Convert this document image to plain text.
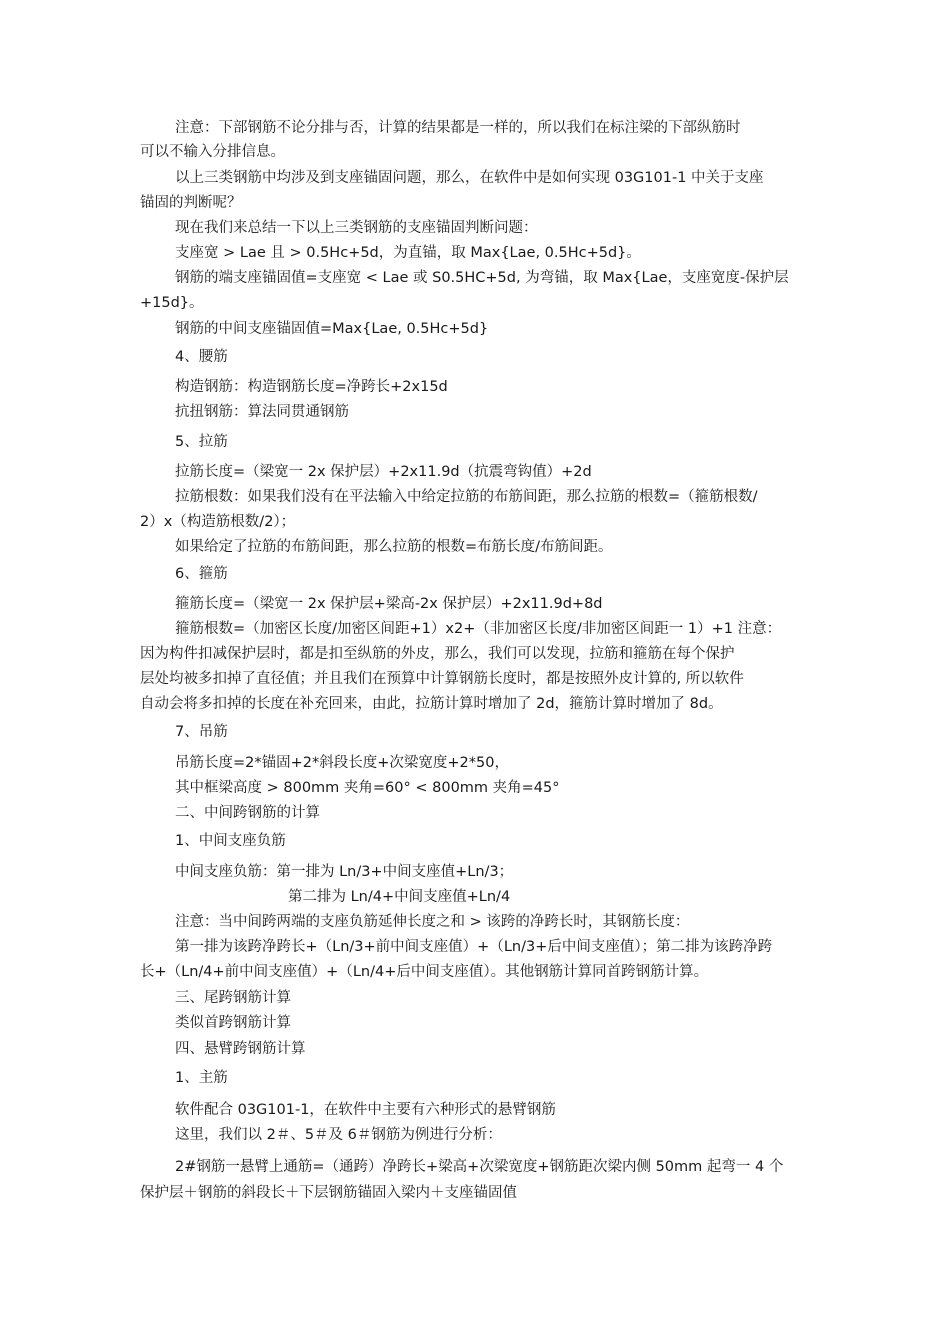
注意：下部钢筋不论分排与否，计算的结果都是一样的，所以我们在标注梁的下部纵筋时
可以不输入分排信息。
以上三类钢筋中均涉及到支座锚固问题，那么，在软件中是如何实现 03G101-1 中关于支座
锚固的判断呢？
现在我们来总结一下以上三类钢筋的支座锚固判断问题：
支座宽 > Lae 且 > 0.5Hc+5d，为直锚，取 Max{Lae, 0.5Hc+5d}。
钢筋的端支座锚固值=支座宽 < Lae 或 S0.5HC+5d, 为弯锚，取 Max{Lae，支座宽度-保护层
+15d}。
钢筋的中间支座锚固值=Max{Lae, 0.5Hc+5d}
4、腰筋
构造钢筋：构造钢筋长度=净跨长+2x15d
抗扭钢筋：算法同贯通钢筋
5、拉筋
拉筋长度=（梁宽一 2x 保护层）+2x11.9d（抗震弯钩值）+2d
拉筋根数：如果我们没有在平法输入中给定拉筋的布筋间距，那么拉筋的根数=（箍筋根数/
2）x（构造筋根数/2）；
如果给定了拉筋的布筋间距，那么拉筋的根数=布筋长度/布筋间距。
6、箍筋
箍筋长度=（梁宽一 2x 保护层+梁高-2x 保护层）+2x11.9d+8d
箍筋根数=（加密区长度/加密区间距+1）x2+（非加密区长度/非加密区间距一 1）+1 注意：
因为构件扣减保护层时，都是扣至纵筋的外皮，那么，我们可以发现，拉筋和箍筋在每个保护
层处均被多扣掉了直径值；并且我们在预算中计算钢筋长度时，都是按照外皮计算的, 所以软件
自动会将多扣掉的长度在补充回来，由此，拉筋计算时增加了 2d，箍筋计算时增加了 8d。
7、吊筋
吊筋长度=2*锚固+2*斜段长度+次梁宽度+2*50，
其中框梁高度 > 800mm 夹角=60° < 800mm 夹角=45°
二、中间跨钢筋的计算
1、中间支座负筋
中间支座负筋：第一排为 Ln/3+中间支座值+Ln/3；
第二排为 Ln/4+中间支座值+Ln/4
注意：当中间跨两端的支座负筋延伸长度之和 > 该跨的净跨长时，其钢筋长度：
第一排为该跨净跨长+（Ln/3+前中间支座值）+（Ln/3+后中间支座值）；第二排为该跨净跨
长+（Ln/4+前中间支座值）+（Ln/4+后中间支座值）。其他钢筋计算同首跨钢筋计算。
三、尾跨钢筋计算
类似首跨钢筋计算
四、悬臂跨钢筋计算
1、主筋
软件配合 03G101-1，在软件中主要有六种形式的悬臂钢筋
这里，我们以 2＃、5＃及 6＃钢筋为例进行分析：
2#钢筋一悬臂上通筋=（通跨）净跨长+梁高+次梁宽度+钢筋距次梁内侧 50mm 起弯一 4 个
保护层＋钢筋的斜段长＋下层钢筋锚固入梁内＋支座锚固值
